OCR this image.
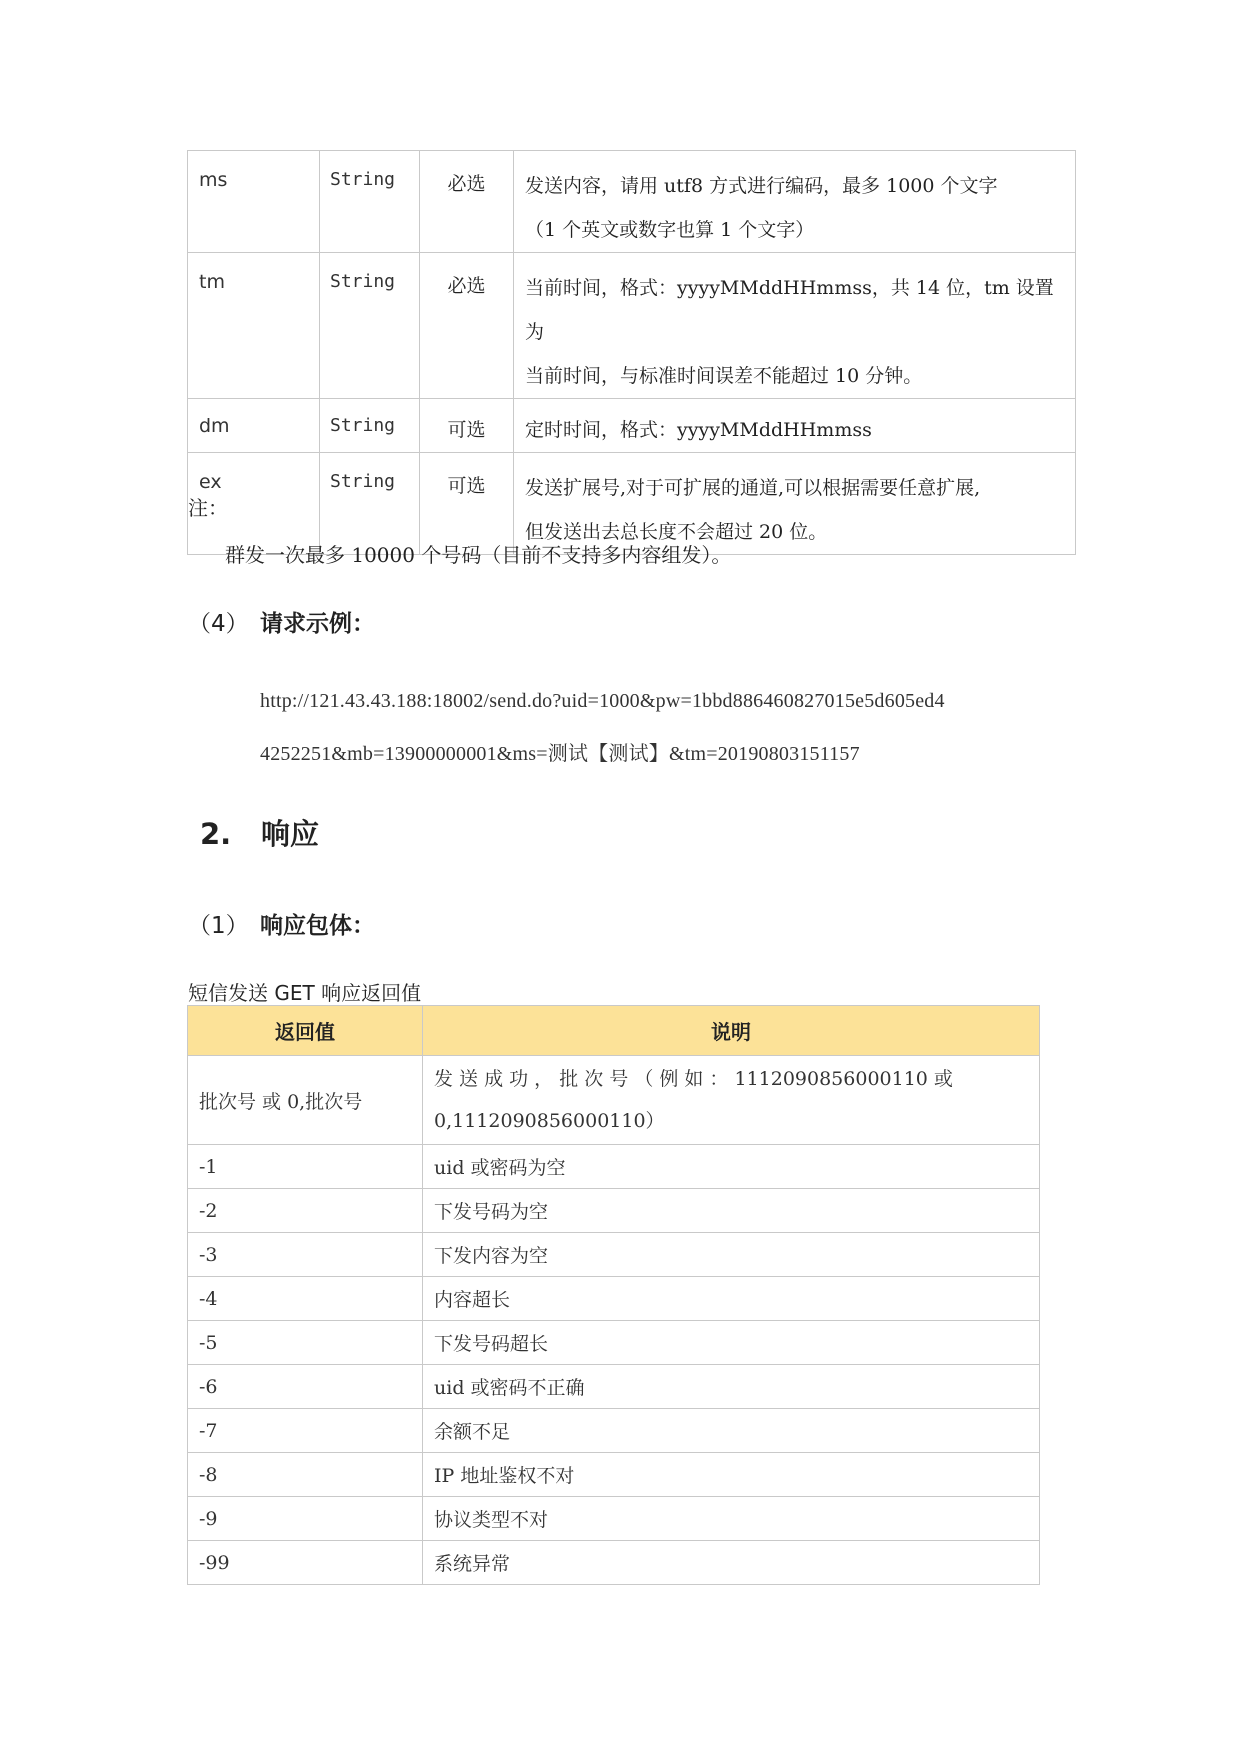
ms	String	必选	发送内容，请用 utf8 方式进行编码，最多 1000 个文字
（1 个英文或数字也算 1 个文字）

tm	String	必选	当前时间，格式：yyyyMMddHHmmss，共 14 位，tm 设置为
当前时间，与标准时间误差不能超过 10 分钟。

dm	String	可选	定时时间，格式：yyyyMMddHHmmss

ex	String	可选	发送扩展号,对于可扩展的通道,可以根据需要任意扩展,
但发送出去总长度不会超过 20 位。
注：
群发一次最多 10000 个号码（目前不支持多内容组发）。
（4） 请求示例：
http://121.43.43.188:18002/send.do?uid=1000&pw=1bbd886460827015e5d605ed4
4252251&mb=13900000001&ms=测试【测试】&tm=20190803151157
2. 响应
（1） 响应包体：
短信发送 GET 响应返回值
返回值	说明
批次号 或 0,批次号	发 送 成 功 ， 批 次 号 （ 例 如 ： 1112090856000110 或
0,1112090856000110）

-1	uid 或密码为空
-2	下发号码为空
-3	下发内容为空
-4	内容超长
-5	下发号码超长
-6	uid 或密码不正确
-7	余额不足
-8	IP 地址鉴权不对
-9	协议类型不对
-99	系统异常
